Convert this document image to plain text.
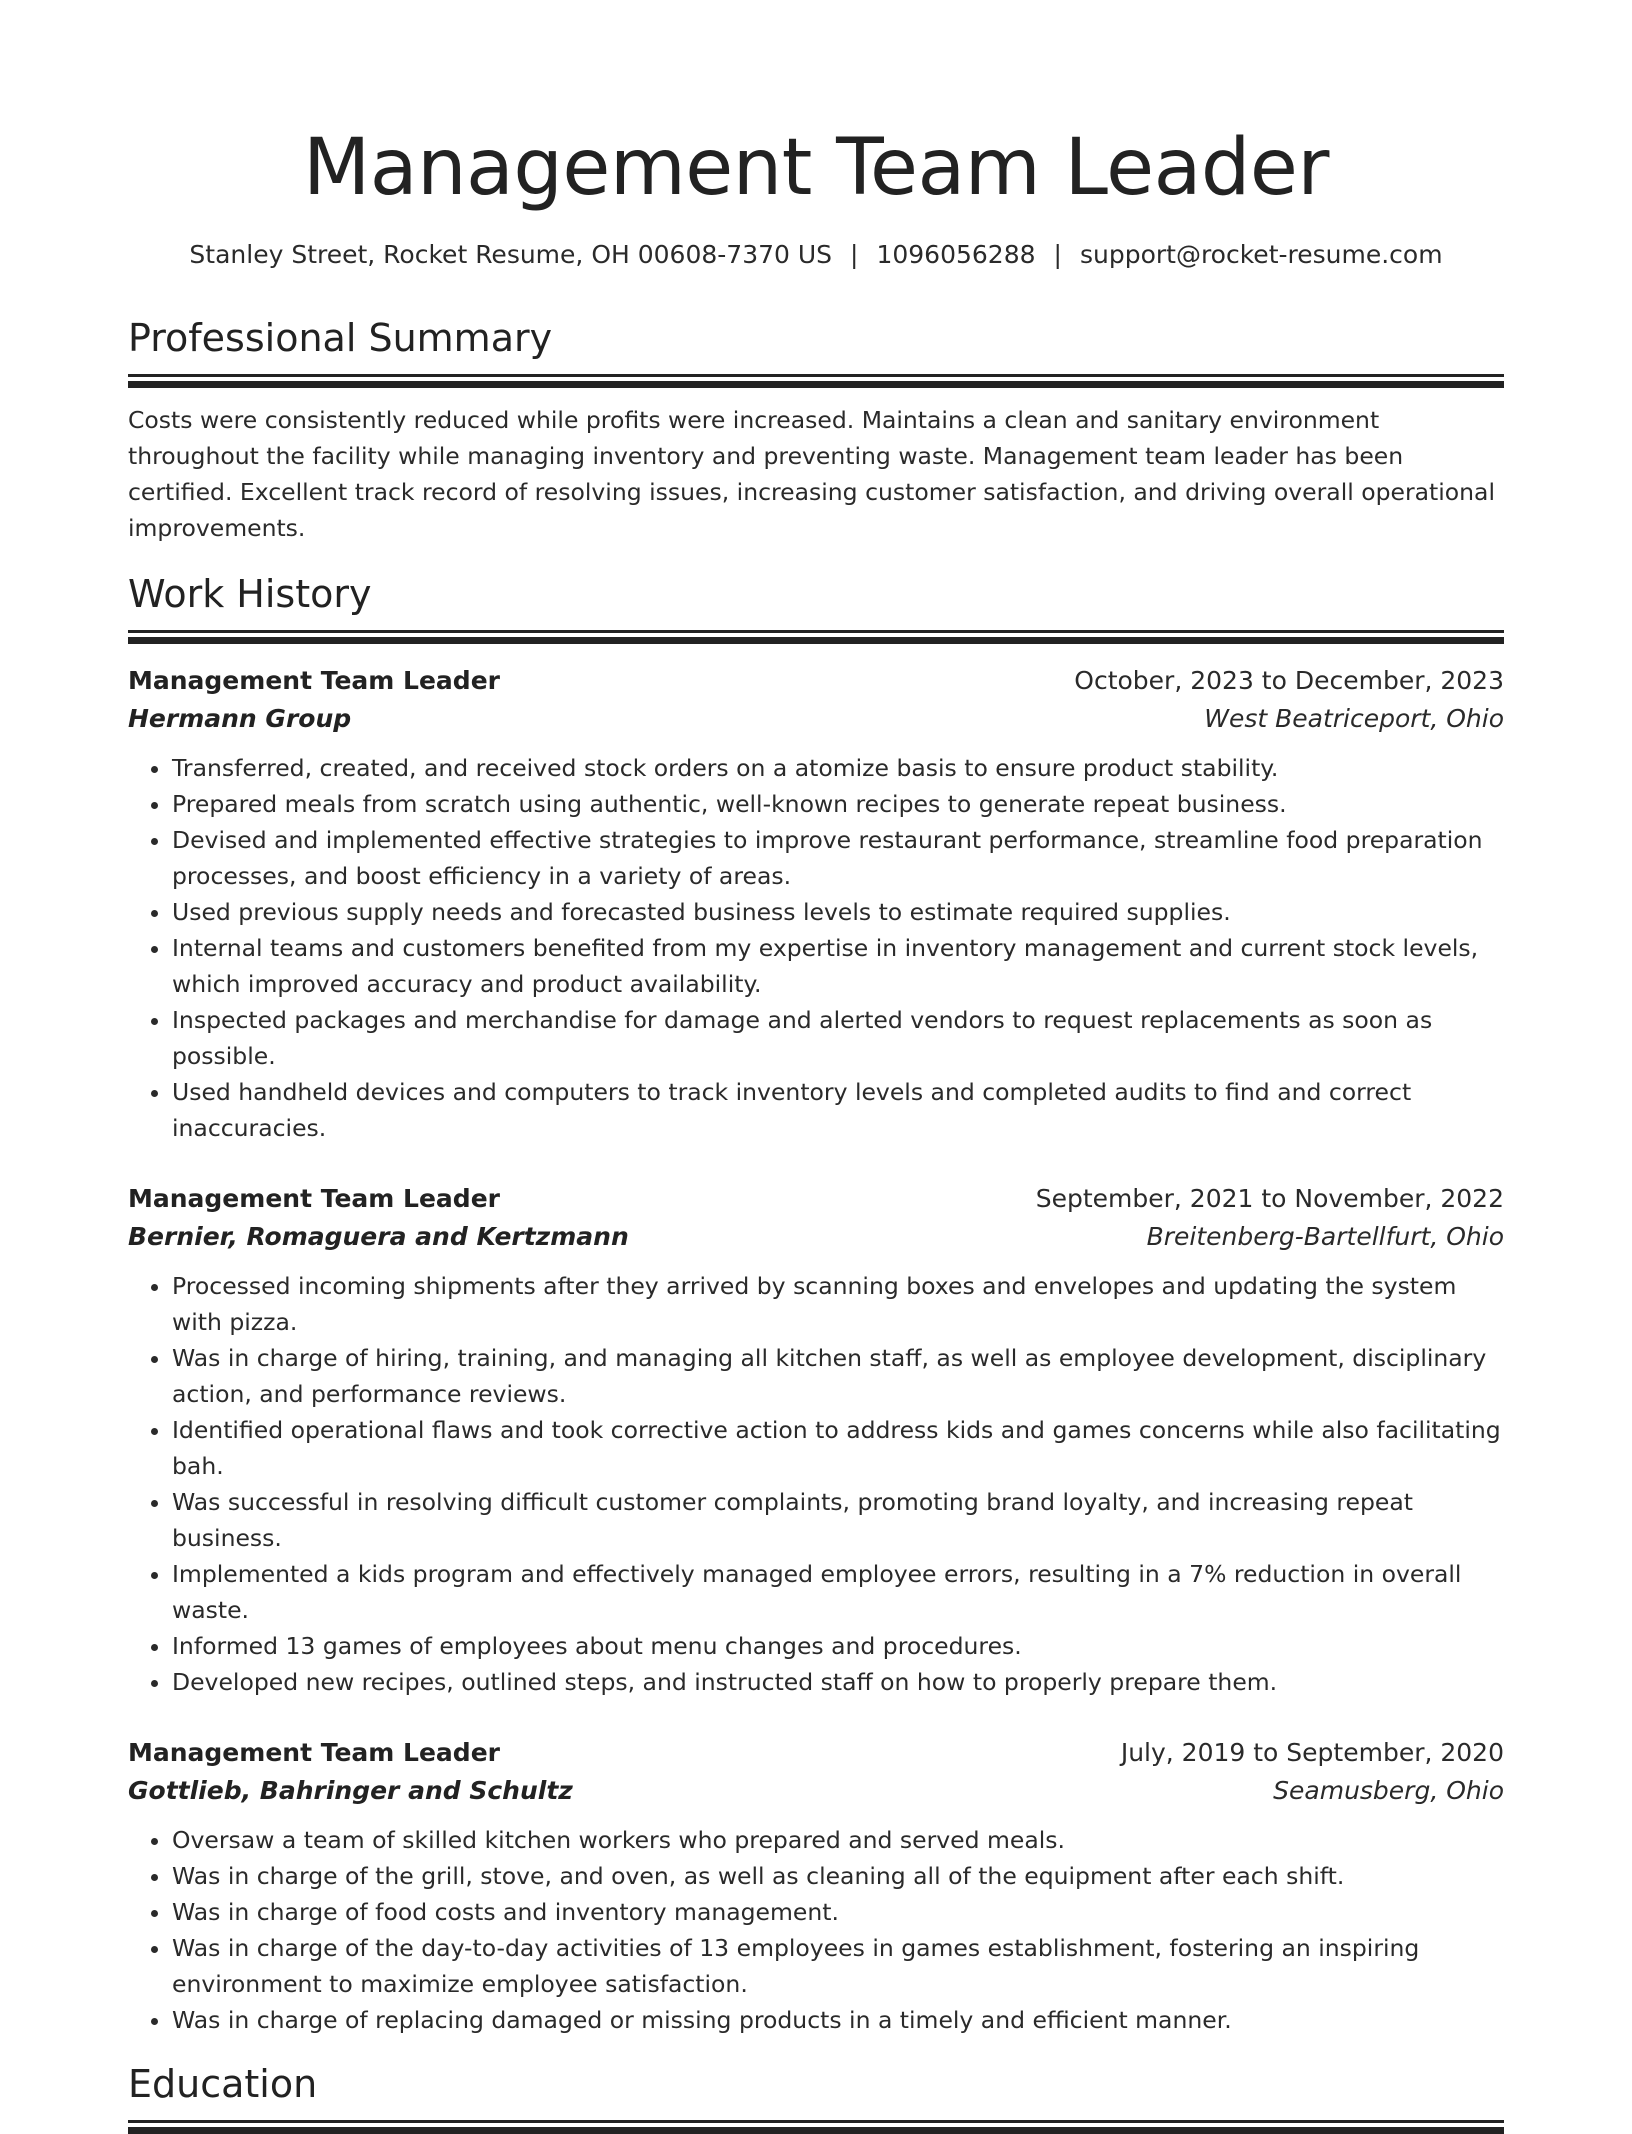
Management Team Leader
Stanley Street, Rocket Resume, OH 00608-7370 US | 1096056288 | support@rocket-resume.com
Professional Summary

Costs were consistently reduced while profits were increased. Maintains a clean and sanitary environment throughout the facility while managing inventory and preventing waste. Management team leader has been certified. Excellent track record of resolving issues, increasing customer satisfaction, and driving overall operational improvements.

Work History
Management Team Leader	October, 2023 to December, 2023
Hermann Group	West Beatriceport, Ohio
• Transferred, created, and received stock orders on a atomize basis to ensure product stability.
• Prepared meals from scratch using authentic, well-known recipes to generate repeat business.
• Devised and implemented effective strategies to improve restaurant performance, streamline food preparation processes, and boost efficiency in a variety of areas.
• Used previous supply needs and forecasted business levels to estimate required supplies.
• Internal teams and customers benefited from my expertise in inventory management and current stock levels, which improved accuracy and product availability.
• Inspected packages and merchandise for damage and alerted vendors to request replacements as soon as possible.
• Used handheld devices and computers to track inventory levels and completed audits to find and correct inaccuracies.
Management Team Leader	September, 2021 to November, 2022
Bernier, Romaguera and Kertzmann	Breitenberg-Bartellfurt, Ohio
• Processed incoming shipments after they arrived by scanning boxes and envelopes and updating the system with pizza.
• Was in charge of hiring, training, and managing all kitchen staff, as well as employee development, disciplinary action, and performance reviews.
• Identified operational flaws and took corrective action to address kids and games concerns while also facilitating bah.
• Was successful in resolving difficult customer complaints, promoting brand loyalty, and increasing repeat business.
• Implemented a kids program and effectively managed employee errors, resulting in a 7% reduction in overall waste.
• Informed 13 games of employees about menu changes and procedures.
• Developed new recipes, outlined steps, and instructed staff on how to properly prepare them.
Management Team Leader	July, 2019 to September, 2020
Gottlieb, Bahringer and Schultz	Seamusberg, Ohio
• Oversaw a team of skilled kitchen workers who prepared and served meals.
• Was in charge of the grill, stove, and oven, as well as cleaning all of the equipment after each shift.
• Was in charge of food costs and inventory management.
• Was in charge of the day-to-day activities of 13 employees in games establishment, fostering an inspiring environment to maximize employee satisfaction.
• Was in charge of replacing damaged or missing products in a timely and efficient manner.
Education
